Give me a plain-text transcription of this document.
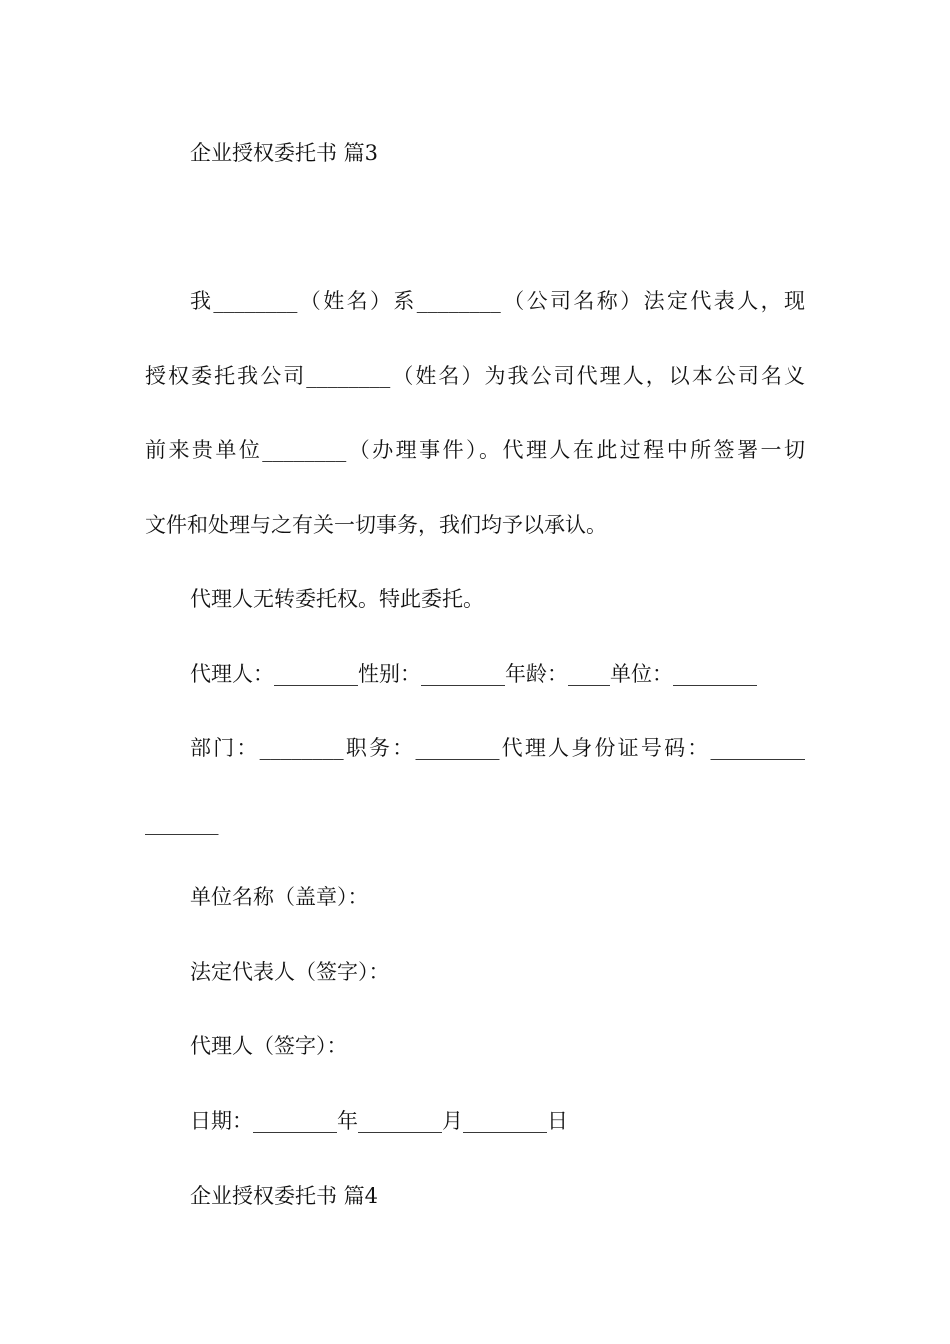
企业授权委托书 篇3
我________（姓名）系________（公司名称）法定代表人，现
授权委托我公司________（姓名）为我公司代理人，以本公司名义
前来贵单位________（办理事件）。代理人在此过程中所签署一切
文件和处理与之有关一切事务，我们均予以承认。
代理人无转委托权。特此委托。
代理人：________性别：________年龄：____单位：________
部门：________职务：________代理人身份证号码：_________
_______
单位名称（盖章）：
法定代表人（签字）：
代理人（签字）：
日期：________年________月________日
企业授权委托书 篇4
